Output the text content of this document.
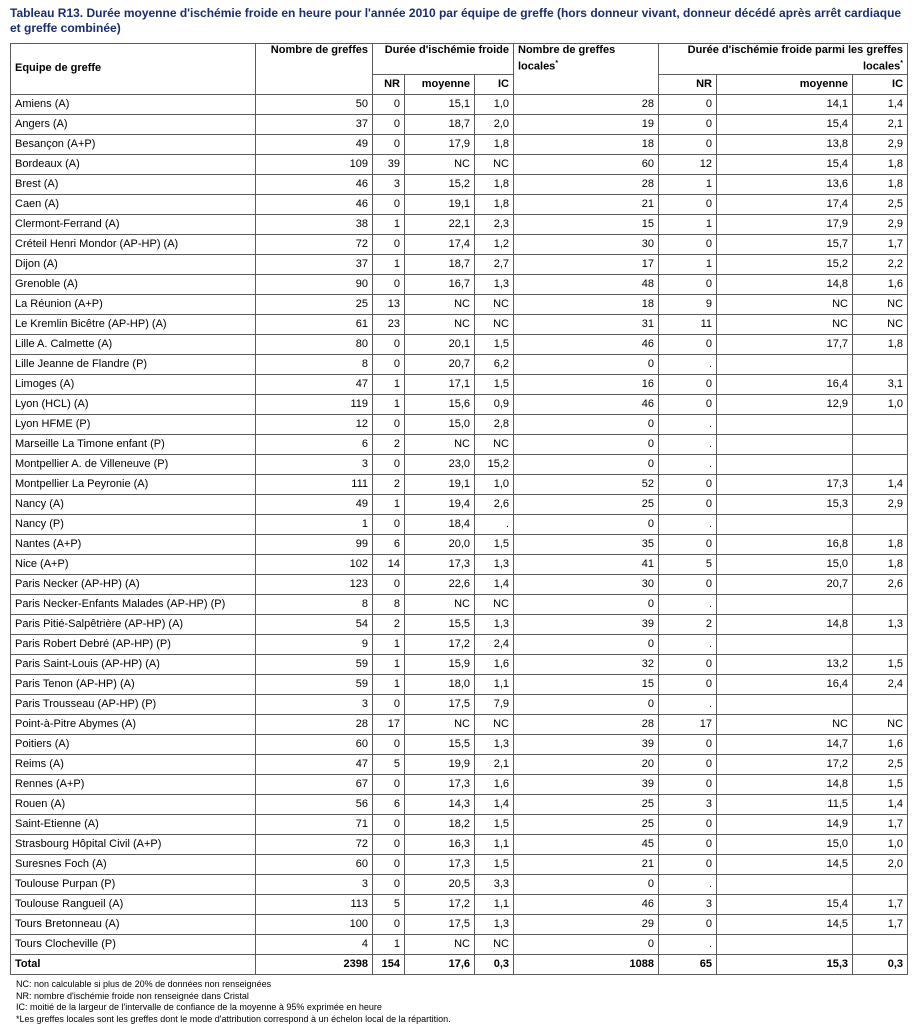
Tableau R13. Durée moyenne d'ischémie froide en heure pour l'année 2010 par équipe de greffe (hors donneur vivant, donneur décédé après arrêt cardiaque et greffe combinée)
Equipe de greffe	Nombre de greffes	Durée d'ischémie froide			Nombre de greffes locales*	Durée d'ischémie froide parmi les greffes locales*
		NR	moyenne	IC		NR	moyenne	IC
Amiens (A)	50	0	15,1	1,0	28	0	14,1	1,4
Angers (A)	37	0	18,7	2,0	19	0	15,4	2,1
Besançon (A+P)	49	0	17,9	1,8	18	0	13,8	2,9
Bordeaux (A)	109	39	NC	NC	60	12	15,4	1,8
Brest (A)	46	3	15,2	1,8	28	1	13,6	1,8
Caen (A)	46	0	19,1	1,8	21	0	17,4	2,5
Clermont-Ferrand (A)	38	1	22,1	2,3	15	1	17,9	2,9
Créteil Henri Mondor (AP-HP) (A)	72	0	17,4	1,2	30	0	15,7	1,7
Dijon (A)	37	1	18,7	2,7	17	1	15,2	2,2
Grenoble (A)	90	0	16,7	1,3	48	0	14,8	1,6
La Réunion (A+P)	25	13	NC	NC	18	9	NC	NC
Le Kremlin Bicêtre (AP-HP) (A)	61	23	NC	NC	31	11	NC	NC
Lille A. Calmette (A)	80	0	20,1	1,5	46	0	17,7	1,8
Lille Jeanne de Flandre (P)	8	0	20,7	6,2	0	.		
Limoges (A)	47	1	17,1	1,5	16	0	16,4	3,1
Lyon (HCL) (A)	119	1	15,6	0,9	46	0	12,9	1,0
Lyon HFME (P)	12	0	15,0	2,8	0	.		
Marseille La Timone enfant (P)	6	2	NC	NC	0	.		
Montpellier A. de Villeneuve (P)	3	0	23,0	15,2	0	.		
Montpellier La Peyronie (A)	111	2	19,1	1,0	52	0	17,3	1,4
Nancy (A)	49	1	19,4	2,6	25	0	15,3	2,9
Nancy (P)	1	0	18,4	.	0	.		
Nantes (A+P)	99	6	20,0	1,5	35	0	16,8	1,8
Nice (A+P)	102	14	17,3	1,3	41	5	15,0	1,8
Paris Necker (AP-HP) (A)	123	0	22,6	1,4	30	0	20,7	2,6
Paris Necker-Enfants Malades (AP-HP) (P)	8	8	NC	NC	0	.		
Paris Pitié-Salpêtrière (AP-HP) (A)	54	2	15,5	1,3	39	2	14,8	1,3
Paris Robert Debré (AP-HP) (P)	9	1	17,2	2,4	0	.		
Paris Saint-Louis (AP-HP) (A)	59	1	15,9	1,6	32	0	13,2	1,5
Paris Tenon (AP-HP) (A)	59	1	18,0	1,1	15	0	16,4	2,4
Paris Trousseau (AP-HP) (P)	3	0	17,5	7,9	0	.		
Point-à-Pitre Abymes (A)	28	17	NC	NC	28	17	NC	NC
Poitiers (A)	60	0	15,5	1,3	39	0	14,7	1,6
Reims (A)	47	5	19,9	2,1	20	0	17,2	2,5
Rennes (A+P)	67	0	17,3	1,6	39	0	14,8	1,5
Rouen (A)	56	6	14,3	1,4	25	3	11,5	1,4
Saint-Etienne (A)	71	0	18,2	1,5	25	0	14,9	1,7
Strasbourg Hôpital Civil (A+P)	72	0	16,3	1,1	45	0	15,0	1,0
Suresnes Foch (A)	60	0	17,3	1,5	21	0	14,5	2,0
Toulouse Purpan (P)	3	0	20,5	3,3	0	.		
Toulouse Rangueil (A)	113	5	17,2	1,1	46	3	15,4	1,7
Tours Bretonneau (A)	100	0	17,5	1,3	29	0	14,5	1,7
Tours Clocheville (P)	4	1	NC	NC	0	.		
Total	2398	154	17,6	0,3	1088	65	15,3	0,3
NC: non calculable si plus de 20% de données non renseignées
NR: nombre d'ischémie froide non renseignée dans Cristal
IC: moitié de la largeur de l'intervalle de confiance de la moyenne à 95% exprimée en heure
*Les greffes locales sont les greffes dont le mode d'attribution correspond à un échelon local de la répartition.
